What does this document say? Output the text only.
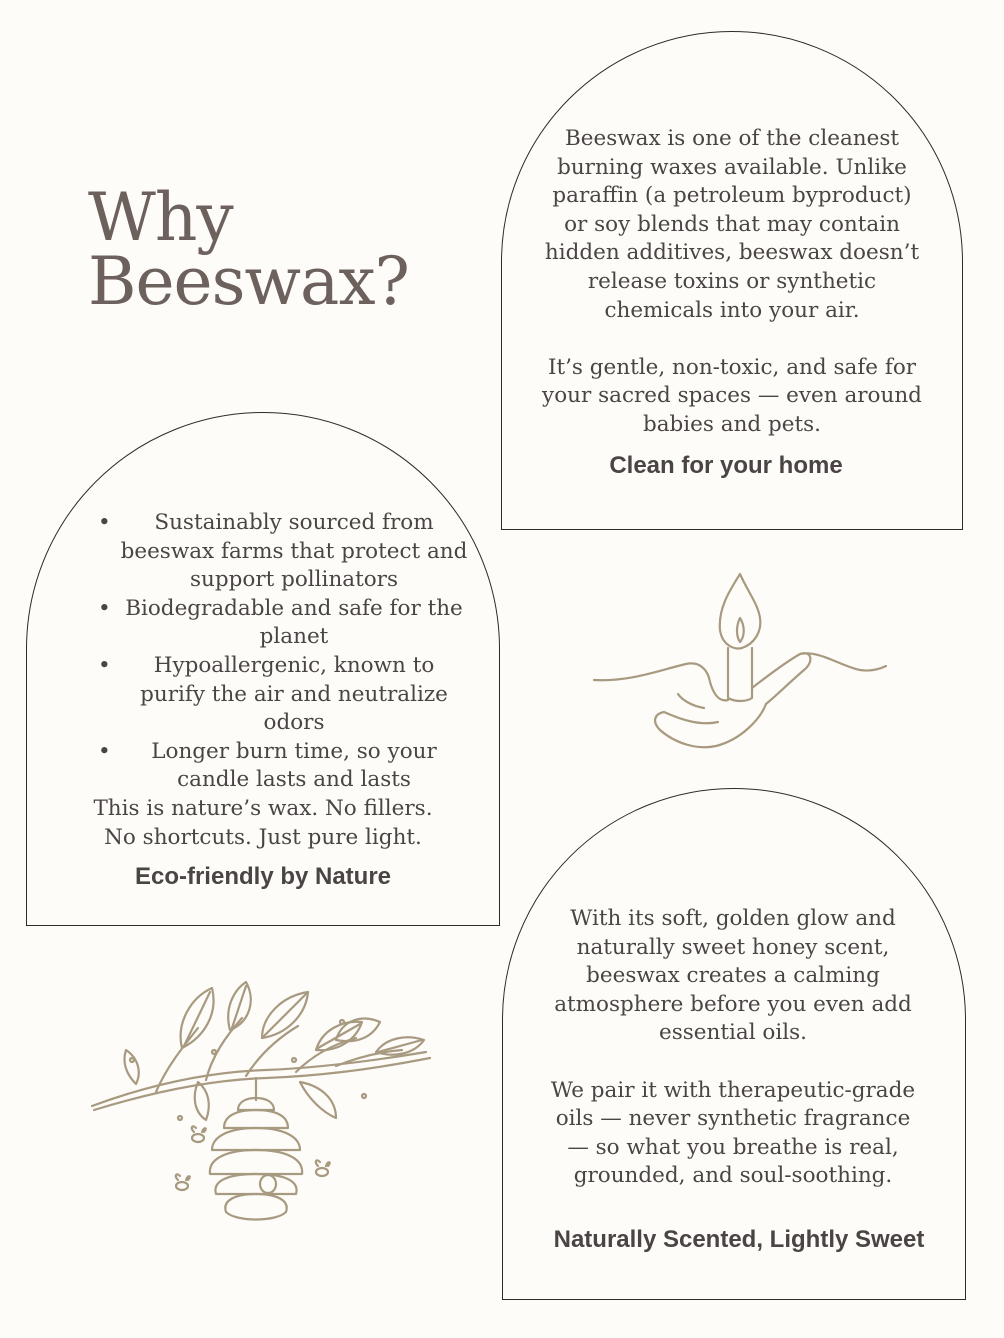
Why Beeswax?

Beeswax is one of the cleanest burning waxes available. Unlike paraffin (a petroleum byproduct) or soy blends that may contain hidden additives, beeswax doesn’t release toxins or synthetic chemicals into your air.

It’s gentle, non-toxic, and safe for your sacred spaces — even around babies and pets.

Clean for your home
•	Sustainably sourced from beeswax farms that protect and support pollinators
• Biodegradable and safe for the planet
•	Hypoallergenic, known to purify the air and neutralize odors
•	Longer burn time, so your candle lasts and lasts

This is nature’s wax. No fillers. No shortcuts. Just pure light.

Eco-friendly by Nature

With its soft, golden glow and naturally sweet honey scent, beeswax creates a calming atmosphere before you even add essential oils.

We pair it with therapeutic-grade oils — never synthetic fragrance — so what you breathe is real, grounded, and soul-soothing.

Naturally Scented, Lightly Sweet
